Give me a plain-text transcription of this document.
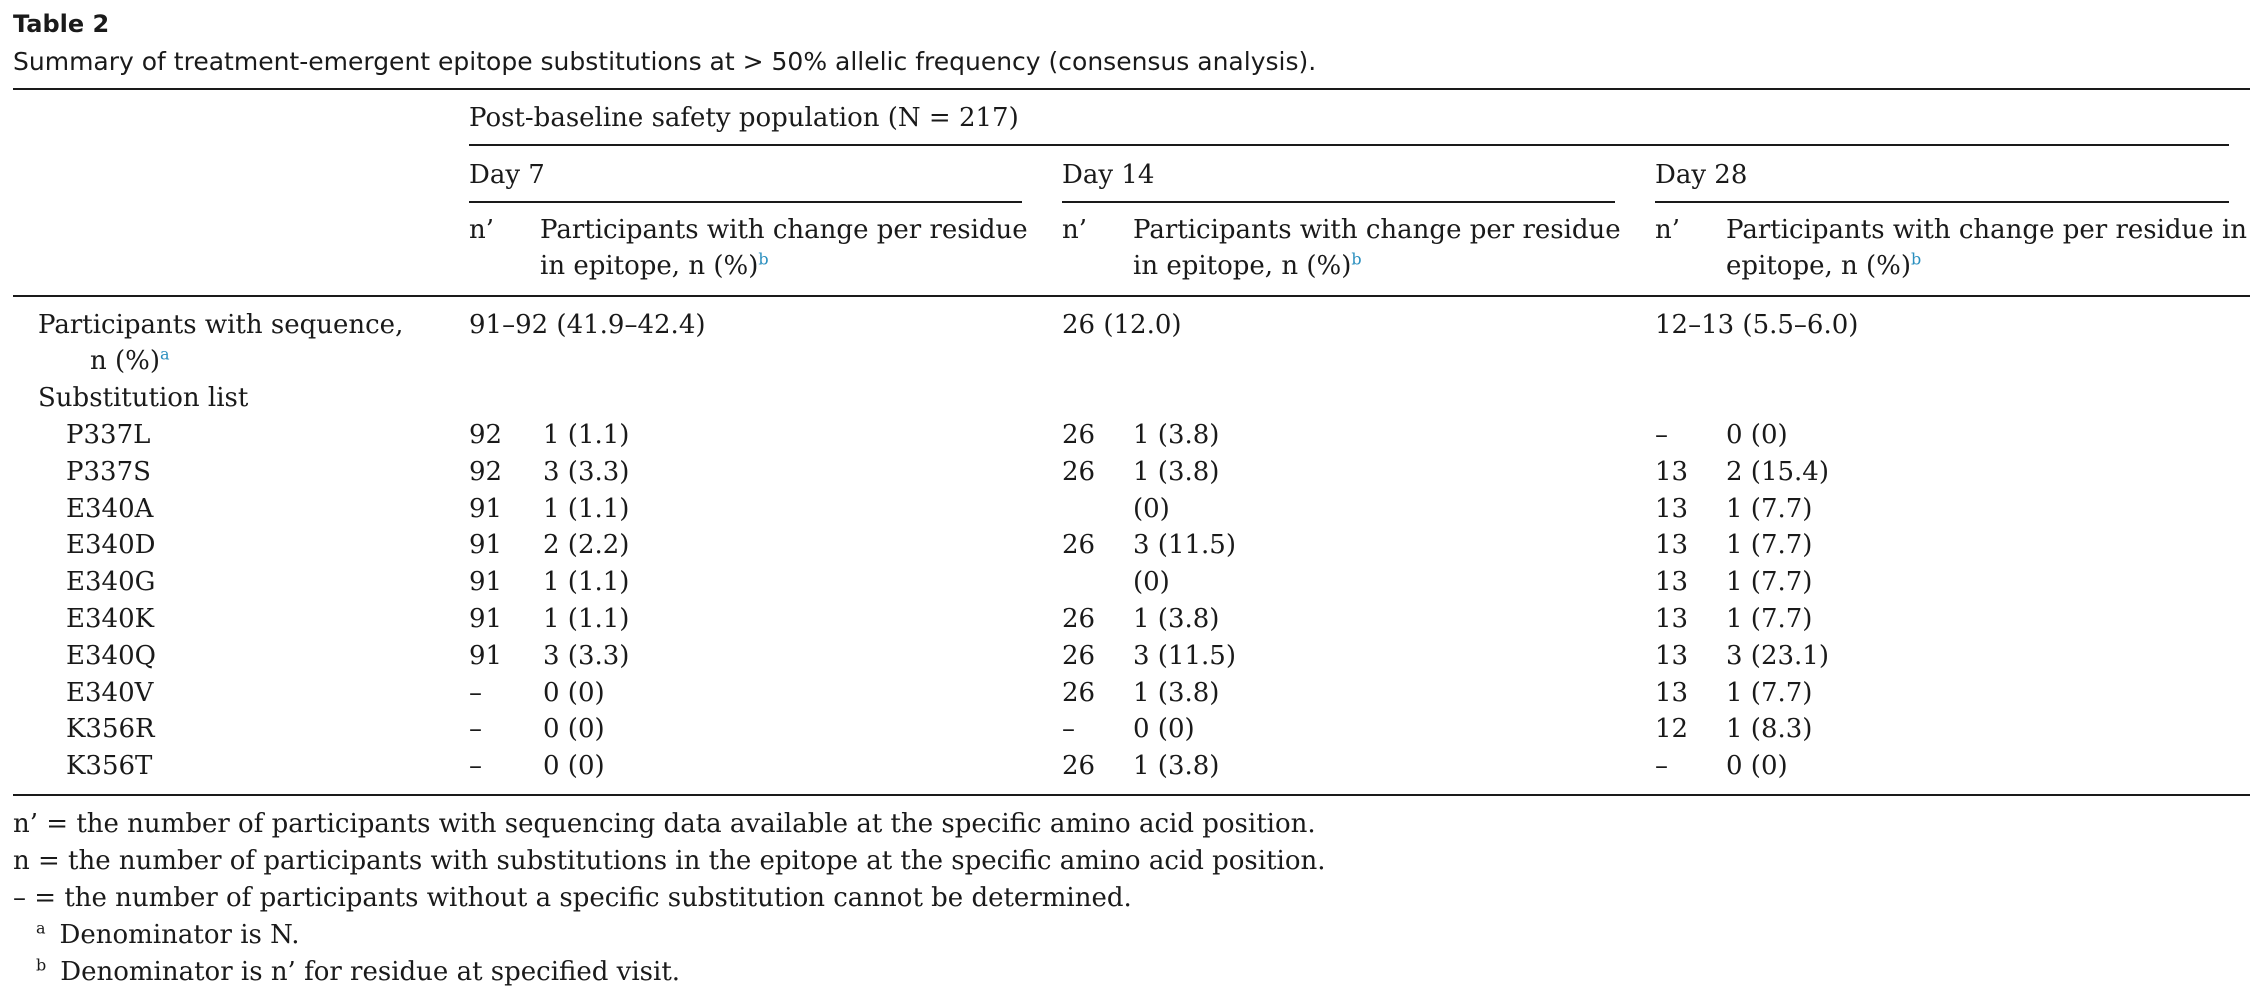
Table 2
Summary of treatment-emergent epitope substitutions at > 50% allelic frequency (consensus analysis).
Post-baseline safety population (N = 217)
Day 7	Day 14	Day 28
n’	n’	n’
Participants with change per residue
in epitope, n (%)$^b$
Participants with change per residue
in epitope, n (%)$^b$
Participants with change per residue in
epitope, n (%)$^b$
Participants with sequence,
n (%)$^a$
91–92 (41.9–42.4)	26 (12.0)	12–13 (5.5–6.0)
Substitution list
P337L	92 1 (1.1)	26 1 (3.8)	– 0 (0)
P337S	92 3 (3.3)	26 1 (3.8)	13 2 (15.4)
E340A	91 1 (1.1)	(0)	13 1 (7.7)
E340D	91 2 (2.2)	26 3 (11.5)	13 1 (7.7)
E340G	91 1 (1.1)	(0)	13 1 (7.7)
E340K	91 1 (1.1)	26 1 (3.8)	13 1 (7.7)
E340Q	91 3 (3.3)	26 3 (11.5)	13 3 (23.1)
E340V	– 0 (0)	26 1 (3.8)	13 1 (7.7)
K356R	– 0 (0)	– 0 (0)	12 1 (8.3)
K356T	– 0 (0)	26 1 (3.8)	– 0 (0)
n’ = the number of participants with sequencing data available at the specific amino acid position.
n = the number of participants with substitutions in the epitope at the specific amino acid position.
– = the number of participants without a specific substitution cannot be determined.
$^a$ Denominator is N.
$^b$ Denominator is n’ for residue at specified visit.
